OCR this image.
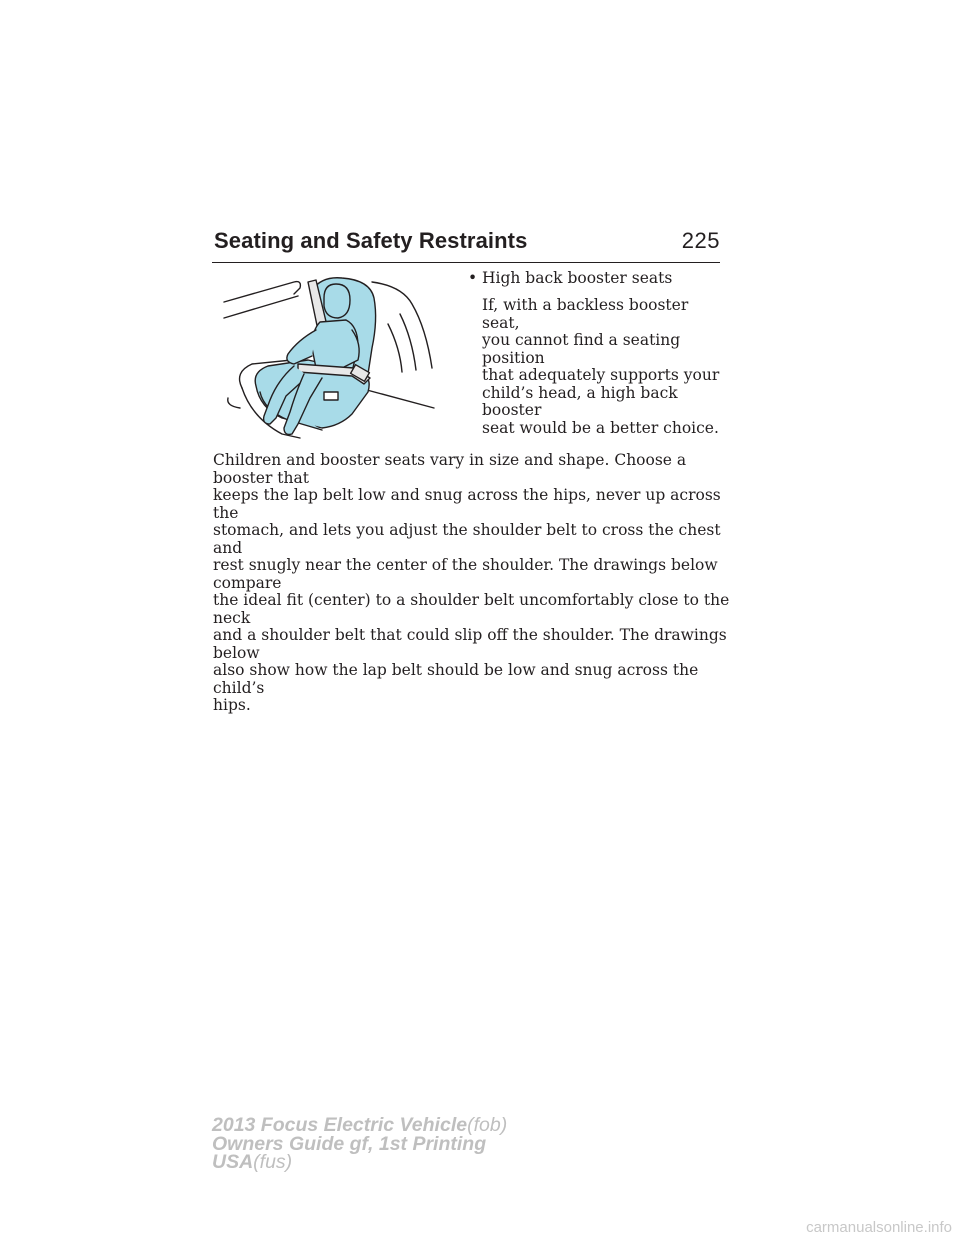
Seating and Safety Restraints	225
• High back booster seats
If, with a backless booster seat,
you cannot find a seating position
that adequately supports your
child’s head, a high back booster
seat would be a better choice.
Children and booster seats vary in size and shape. Choose a booster that
keeps the lap belt low and snug across the hips, never up across the
stomach, and lets you adjust the shoulder belt to cross the chest and
rest snugly near the center of the shoulder. The drawings below compare
the ideal fit (center) to a shoulder belt uncomfortably close to the neck
and a shoulder belt that could slip off the shoulder. The drawings below
also show how the lap belt should be low and snug across the child’s
hips.
2013 Focus Electric Vehicle(fob)
Owners Guide gf, 1st Printing
USA(fus)
carmanualsonline.info
